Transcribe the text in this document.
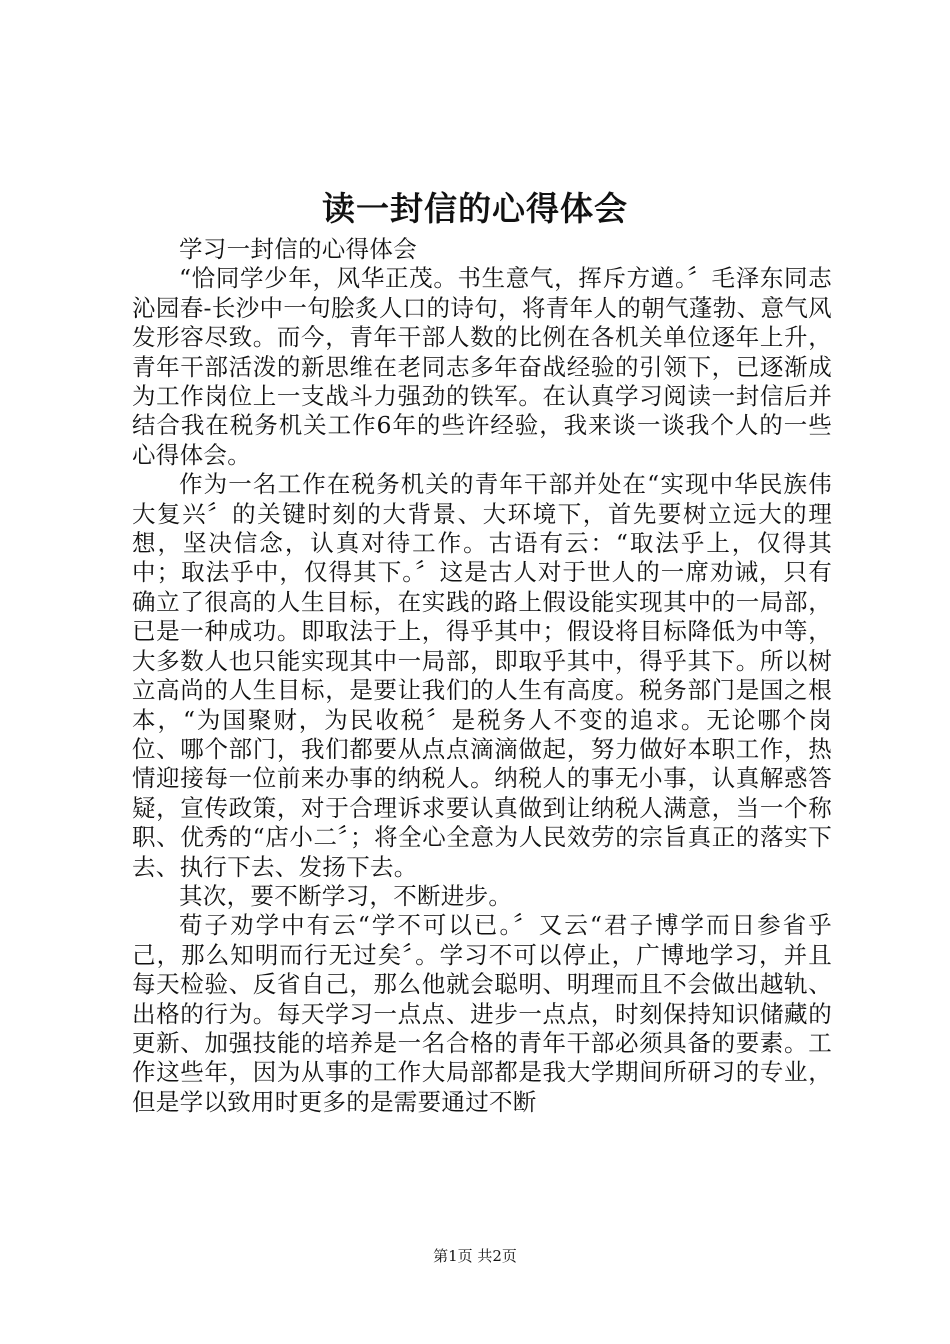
读一封信的心得体会

学习一封信的心得体会

“恰同学少年，风华正茂。书生意气，挥斥方遒。〞毛泽东同志沁园春-长沙中一句脍炙人口的诗句，将青年人的朝气蓬勃、意气风发形容尽致。而今，青年干部人数的比例在各机关单位逐年上升，青年干部活泼的新思维在老同志多年奋战经验的引领下，已逐渐成为工作岗位上一支战斗力强劲的铁军。在认真学习阅读一封信后并结合我在税务机关工作6年的些许经验，我来谈一谈我个人的一些心得体会。

作为一名工作在税务机关的青年干部并处在“实现中华民族伟大复兴〞的关键时刻的大背景、大环境下，首先要树立远大的理想，坚决信念，认真对待工作。古语有云：“取法乎上，仅得其中；取法乎中，仅得其下。〞这是古人对于世人的一席劝诫，只有确立了很高的人生目标，在实践的路上假设能实现其中的一局部，已是一种成功。即取法于上，得乎其中；假设将目标降低为中等，大多数人也只能实现其中一局部，即取乎其中，得乎其下。所以树立高尚的人生目标，是要让我们的人生有高度。税务部门是国之根本，“为国聚财，为民收税〞是税务人不变的追求。无论哪个岗位、哪个部门，我们都要从点点滴滴做起，努力做好本职工作，热情迎接每一位前来办事的纳税人。纳税人的事无小事，认真解惑答疑，宣传政策，对于合理诉求要认真做到让纳税人满意，当一个称职、优秀的“店小二〞；将全心全意为人民效劳的宗旨真正的落实下去、执行下去、发扬下去。

其次，要不断学习，不断进步。

荀子劝学中有云“学不可以已。〞又云“君子博学而日参省乎己，那么知明而行无过矣〞。学习不可以停止，广博地学习，并且每天检验、反省自己，那么他就会聪明、明理而且不会做出越轨、出格的行为。每天学习一点点、进步一点点，时刻保持知识储藏的更新、加强技能的培养是一名合格的青年干部必须具备的要素。工作这些年，因为从事的工作大局部都是我大学期间所研习的专业，但是学以致用时更多的是需要通过不断

第1页 共2页
